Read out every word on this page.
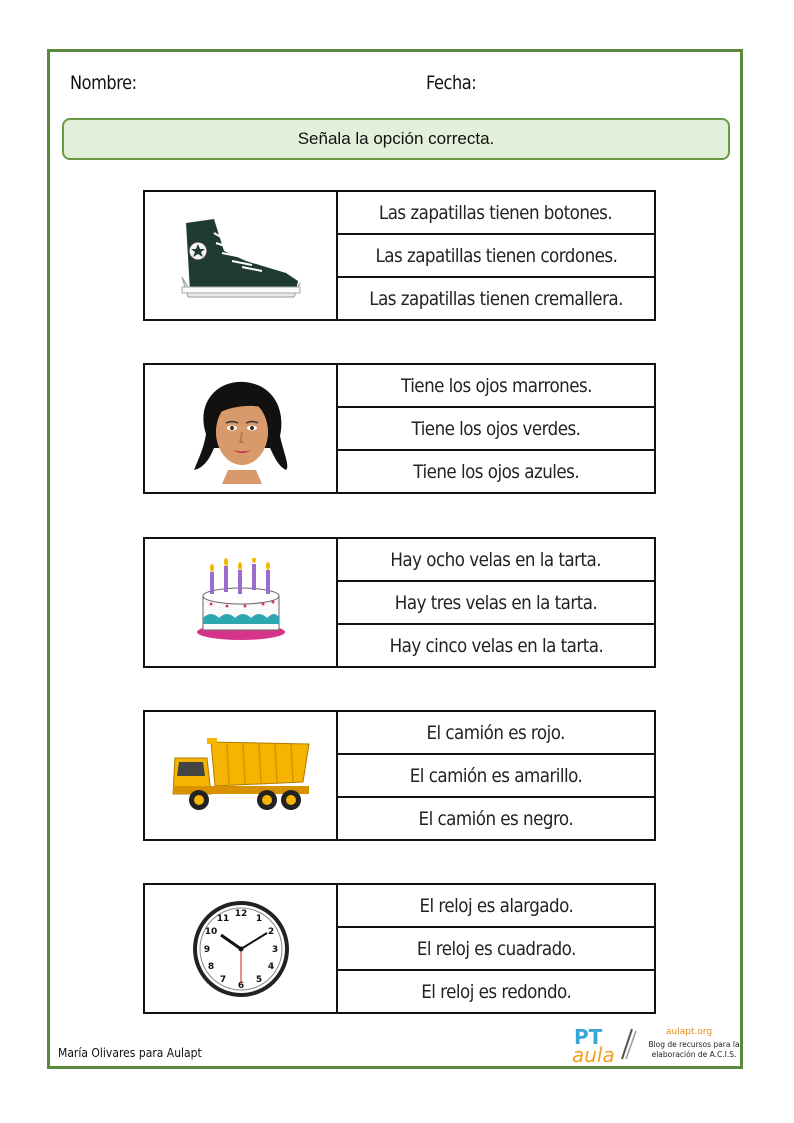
Nombre:	Fecha:
Señala la opción correcta.
Las zapatillas tienen botones.
Las zapatillas tienen cordones.
Las zapatillas tienen cremallera.
Tiene los ojos marrones.
Tiene los ojos verdes.
Tiene los ojos azules.
Hay ocho velas en la tarta.
Hay tres velas en la tarta.
Hay cinco velas en la tarta.
El camión es rojo.
El camión es amarillo.
El camión es negro.
12 1
2
3
4
5
6
7
8
9
10
11
El reloj es alargado.
El reloj es cuadrado.
El reloj es redondo.
María Olivares para Aulapt
PT
aula
aulapt.org
Blog de recursos para la elaboración de A.C.I.S.
